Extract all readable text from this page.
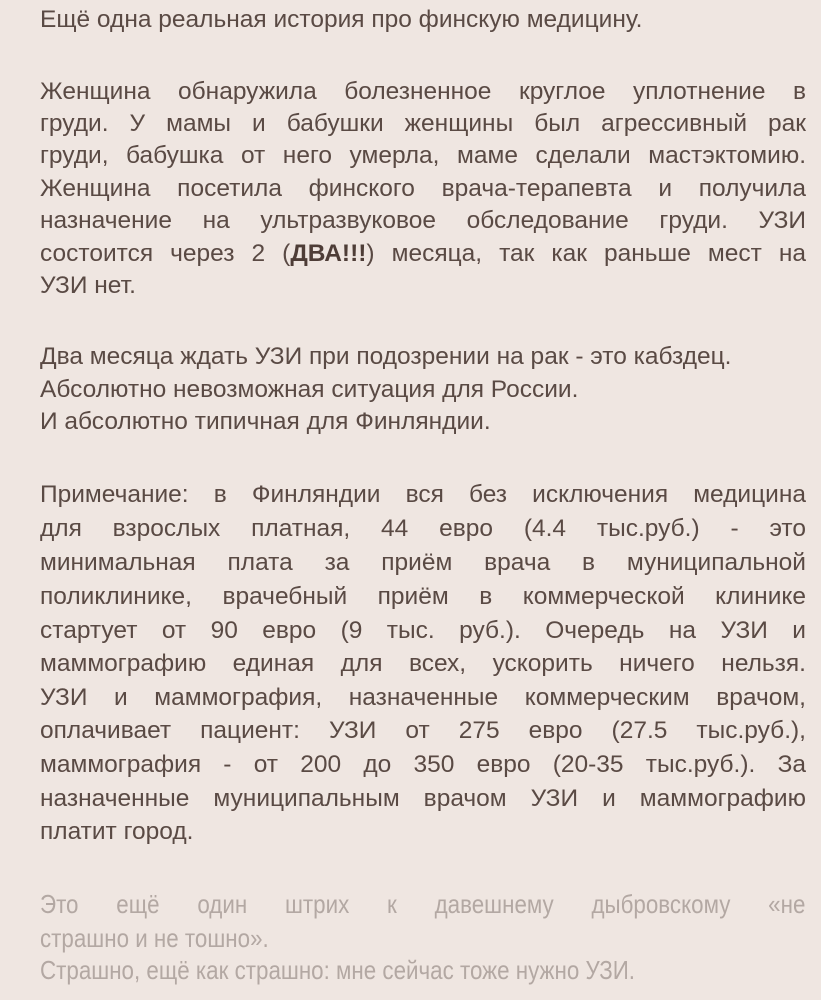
Ещё одна реальная история про финскую медицину.
Женщина обнаружила болезненное круглое уплотнение в
груди. У мамы и бабушки женщины был агрессивный рак
груди, бабушка от него умерла, маме сделали мастэктомию.
Женщина посетила финского врача-терапевта и получила
назначение на ультразвуковое обследование груди. УЗИ
состоится через 2 (ДВА!!!) месяца, так как раньше мест на
УЗИ нет.
Два месяца ждать УЗИ при подозрении на рак - это кабздец.
Абсолютно невозможная ситуация для России.
И абсолютно типичная для Финляндии.
Примечание: в Финляндии вся без исключения медицина
для взрослых платная, 44 евро (4.4 тыс.руб.) - это
минимальная плата за приём врача в муниципальной
поликлинике, врачебный приём в коммерческой клинике
стартует от 90 евро (9 тыс. руб.). Очередь на УЗИ и
маммографию единая для всех, ускорить ничего нельзя.
УЗИ и маммография, назначенные коммерческим врачом,
оплачивает пациент: УЗИ от 275 евро (27.5 тыс.руб.),
маммография - от 200 до 350 евро (20-35 тыс.руб.). За
назначенные муниципальным врачом УЗИ и маммографию
платит город.
Это ещё один штрих к давешнему дыбровскому «не
страшно и не тошно».
Страшно, ещё как страшно: мне сейчас тоже нужно УЗИ.
